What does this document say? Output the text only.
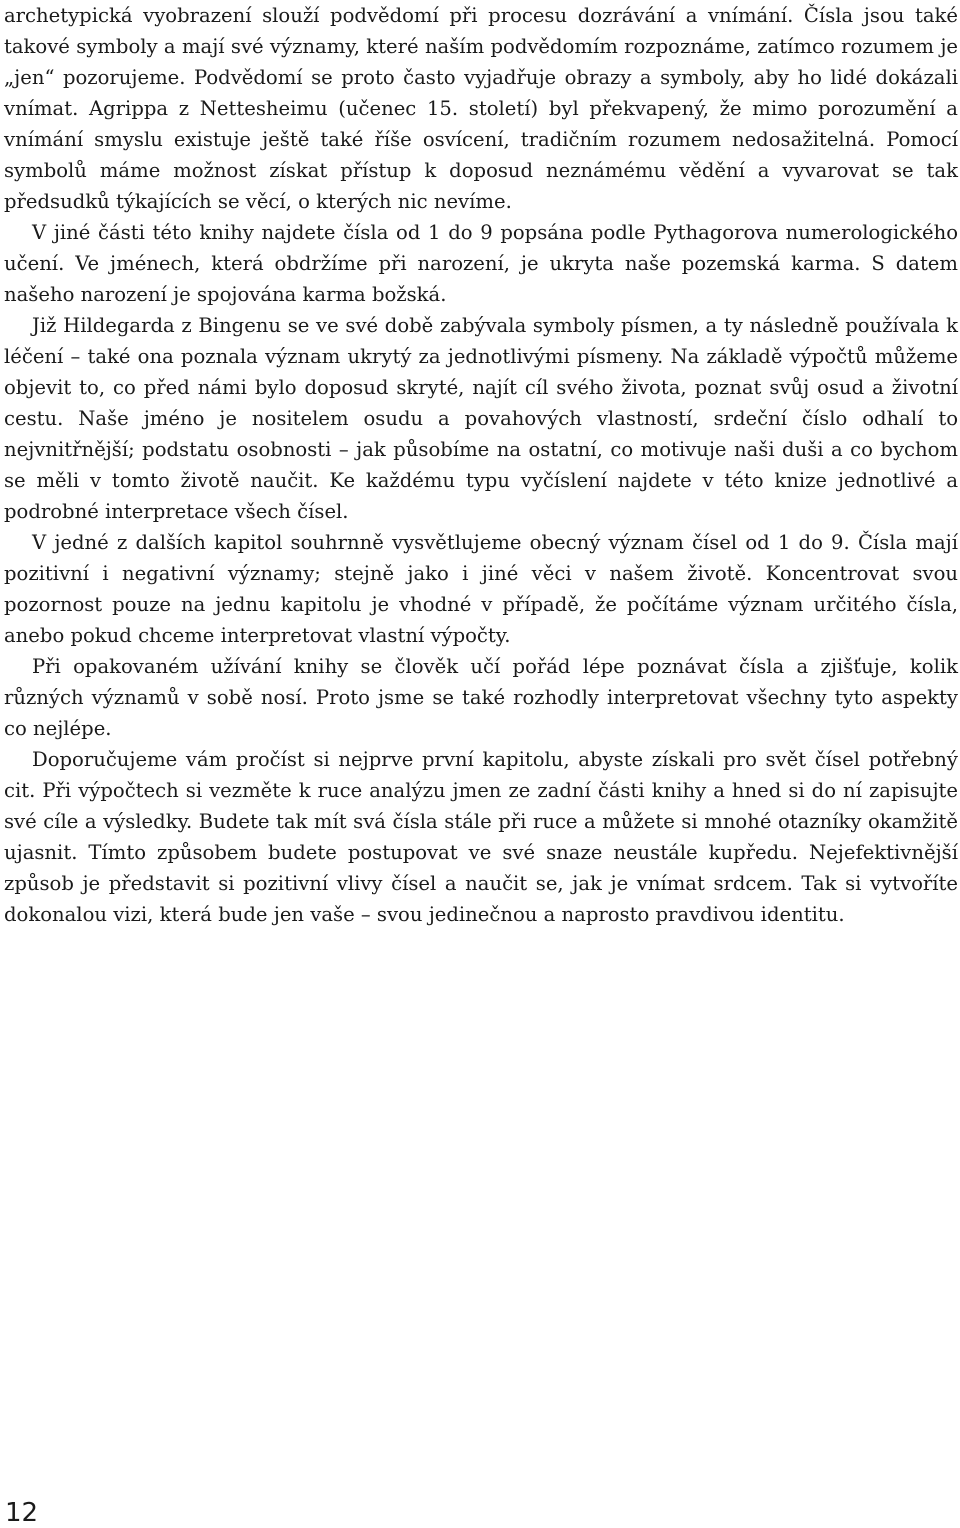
archetypická vyobrazení slouží podvědomí při procesu dozrávání a vnímání. Čísla jsou také takové symboly a mají své významy, které naším podvědomím rozpoznáme, zatímco rozumem je „jen“ pozorujeme. Podvědomí se proto často vyjadřuje obrazy a symboly, aby ho lidé dokázali vnímat. Agrippa z Nettesheimu (učenec 15. století) byl překvapený, že mimo porozumění a vnímání smyslu existuje ještě také říše osvícení, tradičním rozumem nedosažitelná. Pomocí symbolů máme možnost získat přístup k doposud neznámému vědění a vyvarovat se tak předsudků týkajících se věcí, o kterých nic nevíme.

V jiné části této knihy najdete čísla od 1 do 9 popsána podle Pythagorova numerologického učení. Ve jménech, která obdržíme při narození, je ukryta naše pozemská karma. S datem našeho narození je spojována karma božská.

Již Hildegarda z Bingenu se ve své době zabývala symboly písmen, a ty následně používala k léčení – také ona poznala význam ukrytý za jednotlivými písmeny. Na základě výpočtů můžeme objevit to, co před námi bylo doposud skryté, najít cíl svého života, poznat svůj osud a životní cestu. Naše jméno je nositelem osudu a povahových vlastností, srdeční číslo odhalí to nejvnitřnější; podstatu osobnosti – jak působíme na ostatní, co motivuje naši duši a co bychom se měli v tomto životě naučit. Ke každému typu vyčíslení najdete v této knize jednotlivé a podrobné interpretace všech čísel.

V jedné z dalších kapitol souhrnně vysvětlujeme obecný význam čísel od 1 do 9. Čísla mají pozitivní i negativní významy; stejně jako i jiné věci v našem životě. Koncentrovat svou pozornost pouze na jednu kapitolu je vhodné v případě, že počítáme význam určitého čísla, anebo pokud chceme interpretovat vlastní výpočty.

Při opakovaném užívání knihy se člověk učí pořád lépe poznávat čísla a zjišťuje, kolik různých významů v sobě nosí. Proto jsme se také rozhodly interpretovat všechny tyto aspekty co nejlépe.

Doporučujeme vám pročíst si nejprve první kapitolu, abyste získali pro svět čísel potřebný cit. Při výpočtech si vezměte k ruce analýzu jmen ze zadní části knihy a hned si do ní zapisujte své cíle a výsledky. Budete tak mít svá čísla stále při ruce a můžete si mnohé otazníky okamžitě ujasnit. Tímto způsobem budete postupovat ve své snaze neustále kupředu. Nejefektivnější způsob je představit si pozitivní vlivy čísel a naučit se, jak je vnímat srdcem. Tak si vytvoříte dokonalou vizi, která bude jen vaše – svou jedinečnou a naprosto pravdivou identitu.

12
